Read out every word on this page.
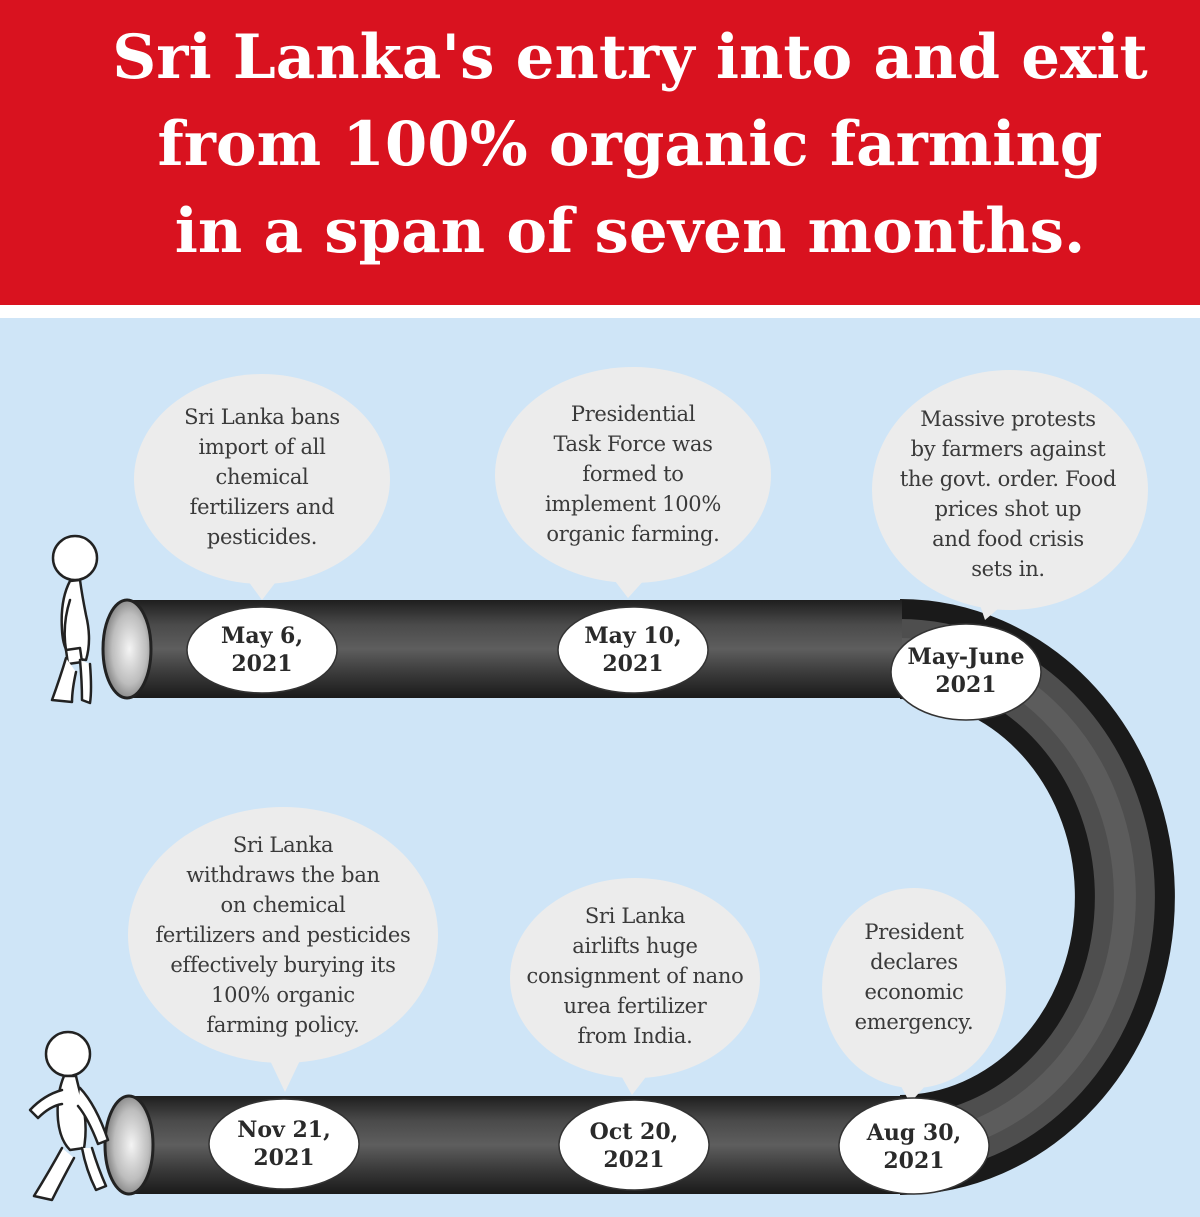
Sri Lanka's entry into and exit
from 100% organic farming
in a span of seven months.
Sri Lanka bans
import of all
chemical
fertilizers and
pesticides.
Presidential
Task Force was
formed to
implement 100%
organic farming.
Massive protests
by farmers against
the govt. order. Food
prices shot up
and food crisis
sets in.
President
declares
economic
emergency.
Sri Lanka
airlifts huge
consignment of nano
urea fertilizer
from India.
Sri Lanka
withdraws the ban
on chemical
fertilizers and pesticides
effectively burying its
100% organic
farming policy.
May 6,
2021
May 10,
2021	May-June
2021
Aug 30,
2021
Oct 20,
2021
Nov 21,
2021
